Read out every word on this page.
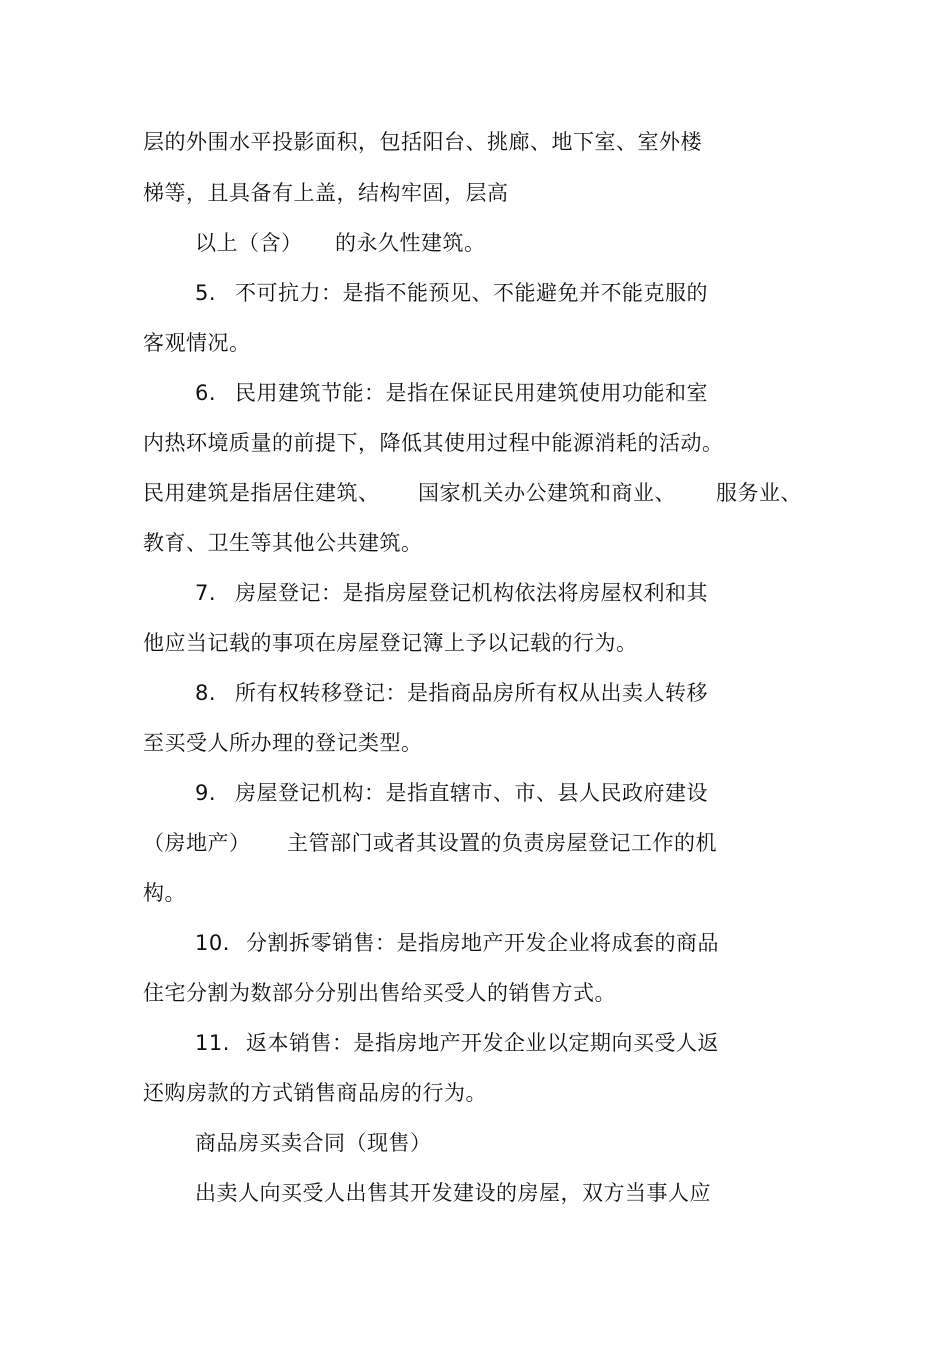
层的外围水平投影面积，包括阳台、挑廊、地下室、室外楼
梯等，且具备有上盖，结构牢固，层高
以上（含） 的永久性建筑。
5. 不可抗力：是指不能预见、不能避免并不能克服的
客观情况。
6. 民用建筑节能：是指在保证民用建筑使用功能和室
内热环境质量的前提下，降低其使用过程中能源消耗的活动。
民用建筑是指居住建筑、 国家机关办公建筑和商业、 服务业、
教育、卫生等其他公共建筑。
7. 房屋登记：是指房屋登记机构依法将房屋权利和其
他应当记载的事项在房屋登记簿上予以记载的行为。
8. 所有权转移登记：是指商品房所有权从出卖人转移
至买受人所办理的登记类型。
9. 房屋登记机构：是指直辖市、市、县人民政府建设
（房地产） 主管部门或者其设置的负责房屋登记工作的机
构。
10. 分割拆零销售：是指房地产开发企业将成套的商品
住宅分割为数部分分别出售给买受人的销售方式。
11. 返本销售：是指房地产开发企业以定期向买受人返
还购房款的方式销售商品房的行为。
商品房买卖合同（现售）
出卖人向买受人出售其开发建设的房屋，双方当事人应
